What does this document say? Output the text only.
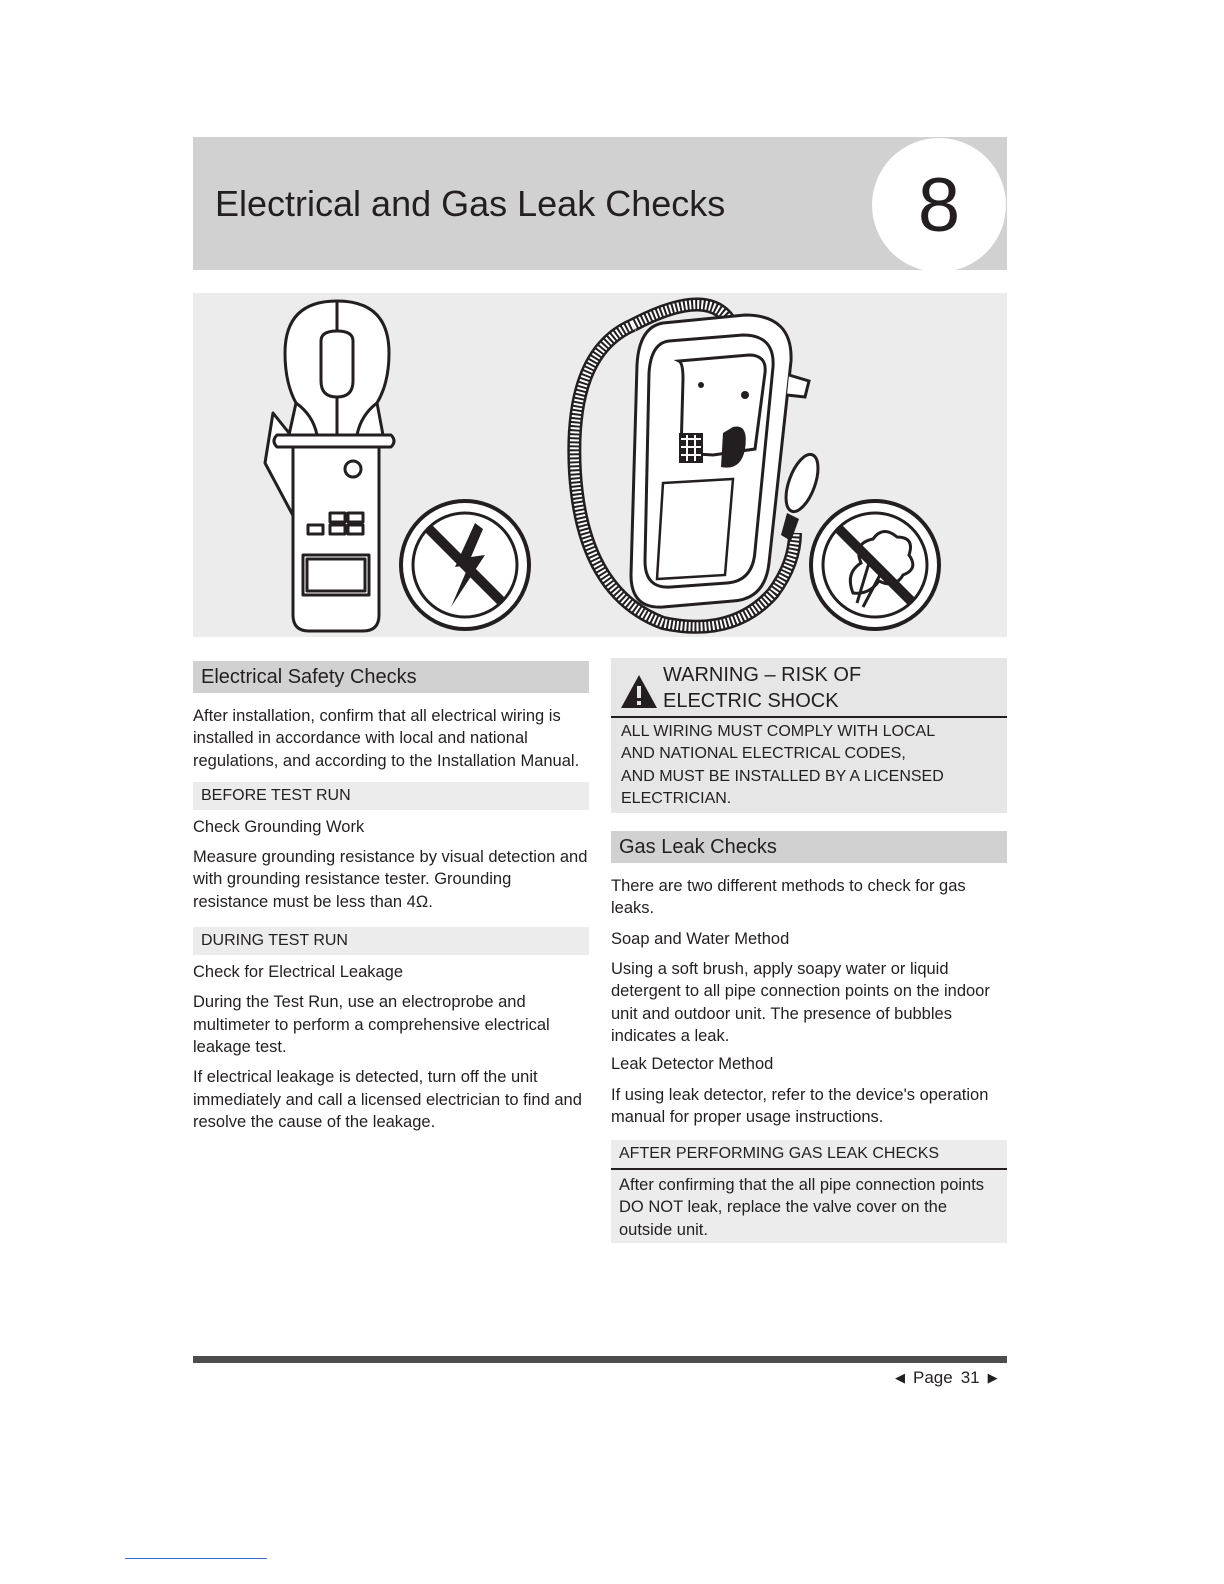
Electrical and Gas Leak Checks	8
Electrical Safety Checks

After installation, confirm that all electrical wiring is installed in accordance with local and national regulations, and according to the Installation Manual.

BEFORE TEST RUN

Check Grounding Work

Measure grounding resistance by visual detection and with grounding resistance tester. Grounding resistance must be less than 4Ω.

DURING TEST RUN

Check for Electrical Leakage

During the Test Run, use an electroprobe and multimeter to perform a comprehensive electrical leakage test.

If electrical leakage is detected, turn off the unit immediately and call a licensed electrician to find and resolve the cause of the leakage.

WARNING – RISK OF
ELECTRIC SHOCK
ALL WIRING MUST COMPLY WITH LOCAL
AND NATIONAL ELECTRICAL CODES,
AND MUST BE INSTALLED BY A LICENSED
ELECTRICIAN.
Gas Leak Checks

There are two different methods to check for gas leaks.

Soap and Water Method

Using a soft brush, apply soapy water or liquid detergent to all pipe connection points on the indoor unit and outdoor unit. The presence of bubbles indicates a leak.

Leak Detector Method

If using leak detector, refer to the device's operation manual for proper usage instructions.

AFTER PERFORMING GAS LEAK CHECKS
After confirming that the all pipe connection points DO NOT leak, replace the valve cover on the outside unit.
◀ Page 31 ▶
